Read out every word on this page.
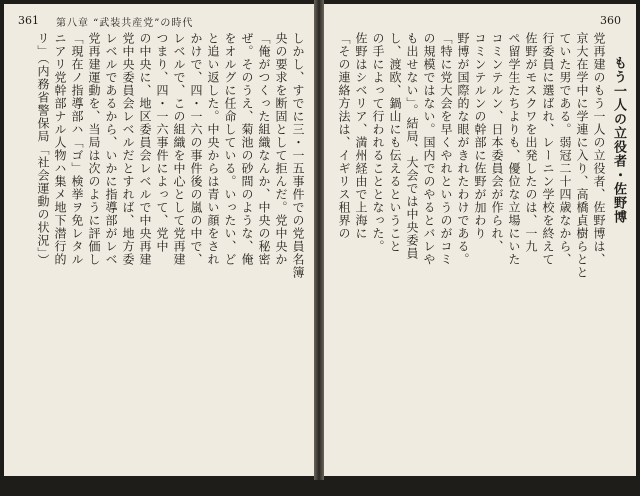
361 第八章 “武装共産党”の時代
しかし、すでに三・一五事件での党員名簿
央の要求を断固として拒んだ。党中央か
「俺がつくった組織なんか、中央の秘密
ぜ。そのうえ、菊池の砂間のような、俺
をオルグに任命している。いったい、ど
と追い返した。中央からは青い顔をされ
かけで、四・一六の事件後の嵐の中で、
レベルで、この組織を中心として党再建
つまり、四・一六事件によって、党中
の中央に、地区委員会レベルで中央再建
党中央委員会レベルだとすれば、地方委
レベルであるから、いかに指導部がレベ
党再建運動を、当局は次のように評価し
「現在ノ指導部ハ「ゴ」検挙ヲ免レタル
ニアリ党幹部ナル人物ハ集メ地下潜行的
リ」（内務省警保局「社会運動の状況」）
360
もう一人の立役者・佐野博
党再建のもう一人の立役者、佐野博は、
京大在学中に学連に入り、高橋貞樹らとと
ていた男である。弱冠二十四歳なから、
行委員に選ばれ、レーニン学校を終えて
佐野がモスクワを出発したのは、一九
ペ留学生たちよりも、優位な立場にいた
コミンテルン、日本委員会が作られ、
コミンテルンの幹部に佐野が加わり
野博が国際的な眼がきれたわけである。
「特に党大会を早くやれというのがコミ
の規模ではない。国内でのやるとバレや
も出せない」。結局、大会では中央委員
し、渡欧、鍋山にも伝えるということ
の手によって行われることとなった。
佐野はシベリア、満州経由で上海に
「その連絡方法は、イギリス租界の
